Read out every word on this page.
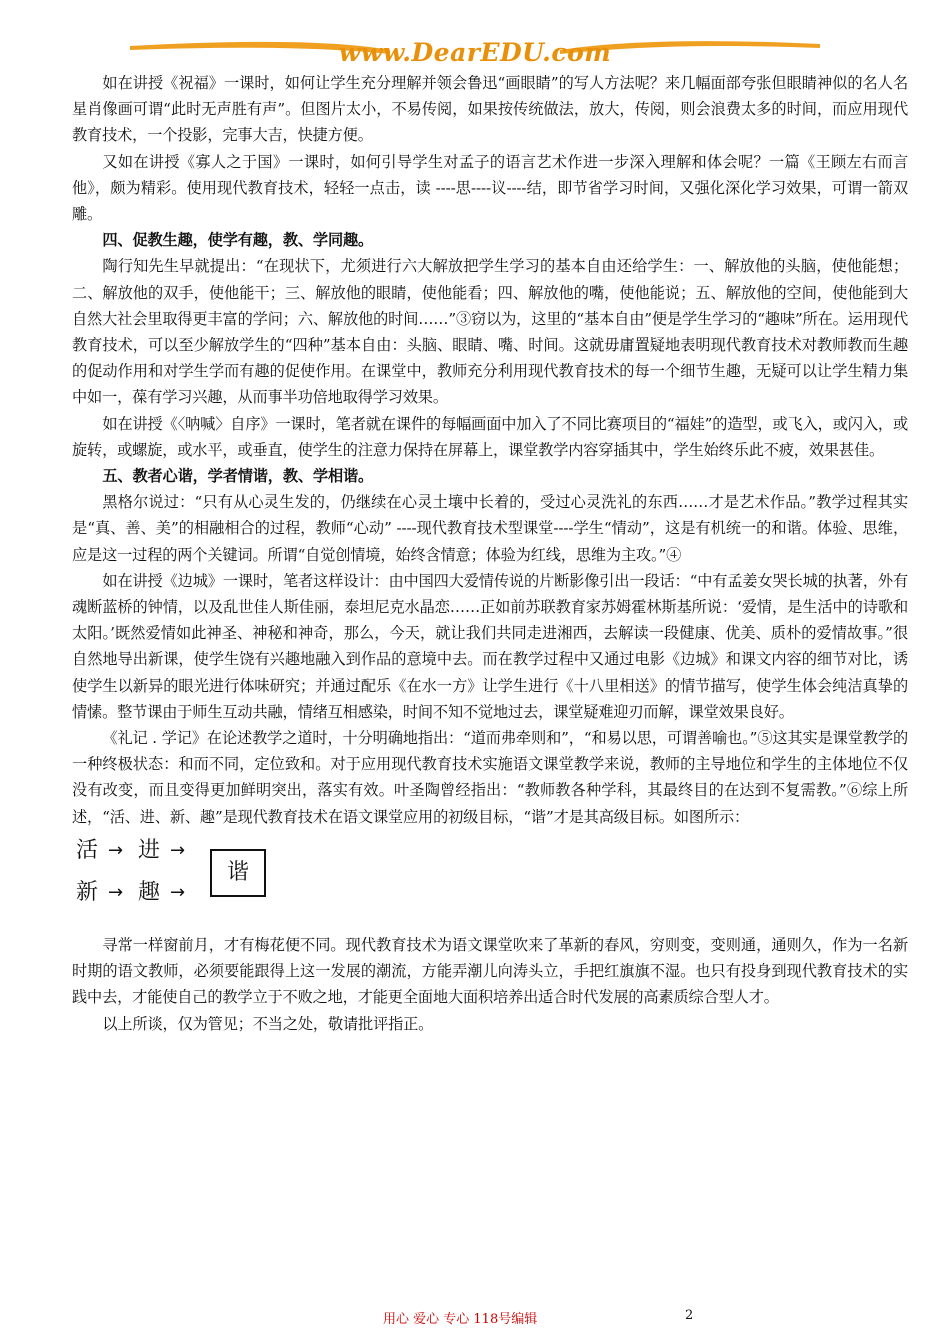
www.DearEDU.com

如在讲授《祝福》一课时，如何让学生充分理解并领会鲁迅“画眼睛”的写人方法呢？来几幅面部夸张但眼睛神似的名人名星肖像画可谓“此时无声胜有声”。但图片太小，不易传阅，如果按传统做法，放大，传阅，则会浪费太多的时间，而应用现代教育技术，一个投影，完事大吉，快捷方便。

又如在讲授《寡人之于国》一课时，如何引导学生对孟子的语言艺术作进一步深入理解和体会呢？一篇《王顾左右而言他》，颇为精彩。使用现代教育技术，轻轻一点击，读 ----思----议----结，即节省学习时间，又强化深化学习效果，可谓一箭双雕。

四、促教生趣，使学有趣，教、学同趣。

陶行知先生早就提出：“在现状下，尤须进行六大解放把学生学习的基本自由还给学生：一、解放他的头脑，使他能想；二、解放他的双手，使他能干；三、解放他的眼睛，使他能看；四、解放他的嘴，使他能说；五、解放他的空间，使他能到大自然大社会里取得更丰富的学问；六、解放他的时间……”③窃以为，这里的“基本自由”便是学生学习的“趣味”所在。运用现代教育技术，可以至少解放学生的“四种”基本自由：头脑、眼睛、嘴、时间。这就毋庸置疑地表明现代教育技术对教师教而生趣的促动作用和对学生学而有趣的促使作用。在课堂中，教师充分利用现代教育技术的每一个细节生趣，无疑可以让学生精力集中如一，葆有学习兴趣，从而事半功倍地取得学习效果。

如在讲授《〈呐喊〉自序》一课时，笔者就在课件的每幅画面中加入了不同比赛项目的“福娃”的造型，或飞入，或闪入，或旋转，或螺旋，或水平，或垂直，使学生的注意力保持在屏幕上，课堂教学内容穿插其中，学生始终乐此不疲，效果甚佳。

五、教者心谐，学者情谐，教、学相谐。

黑格尔说过：“只有从心灵生发的，仍继续在心灵土壤中长着的，受过心灵洗礼的东西……才是艺术作品。”教学过程其实是“真、善、美”的相融相合的过程，教师“心动” ----现代教育技术型课堂----学生“情动”，这是有机统一的和谐。体验、思维，应是这一过程的两个关键词。所谓“自觉创情境，始终含情意；体验为红线，思维为主攻。”④

如在讲授《边城》一课时，笔者这样设计：由中国四大爱情传说的片断影像引出一段话：“中有孟姜女哭长城的执著，外有魂断蓝桥的钟情，以及乱世佳人斯佳丽，泰坦尼克水晶恋……正如前苏联教育家苏姆霍林斯基所说：‘爱情，是生活中的诗歌和太阳。’既然爱情如此神圣、神秘和神奇，那么，今天，就让我们共同走进湘西，去解读一段健康、优美、质朴的爱情故事。”很自然地导出新课，使学生饶有兴趣地融入到作品的意境中去。而在教学过程中又通过电影《边城》和课文内容的细节对比，诱使学生以新异的眼光进行体味研究；并通过配乐《在水一方》让学生进行《十八里相送》的情节描写，使学生体会纯洁真挚的情愫。整节课由于师生互动共融，情绪互相感染，时间不知不觉地过去，课堂疑难迎刃而解，课堂效果良好。

《礼记 . 学记》在论述教学之道时，十分明确地指出：“道而弗牵则和”，“和易以思，可谓善喻也。”⑤这其实是课堂教学的一种终极状态：和而不同，定位致和。对于应用现代教育技术实施语文课堂教学来说，教师的主导地位和学生的主体地位不仅没有改变，而且变得更加鲜明突出，落实有效。叶圣陶曾经指出：“教师教各种学科，其最终目的在达到不复需教。”⑥综上所述，“活、进、新、趣”是现代教育技术在语文课堂应用的初级目标，“谐”才是其高级目标。如图所示：

活 → 进 →
新 → 趣 →
谐

寻常一样窗前月，才有梅花便不同。现代教育技术为语文课堂吹来了革新的春风，穷则变，变则通，通则久，作为一名新时期的语文教师，必须要能跟得上这一发展的潮流，方能弄潮儿向涛头立，手把红旗旗不湿。也只有投身到现代教育技术的实践中去，才能使自己的教学立于不败之地，才能更全面地大面积培养出适合时代发展的高素质综合型人才。

以上所谈，仅为管见；不当之处，敬请批评指正。

用心 爱心 专心 118号编辑	2
